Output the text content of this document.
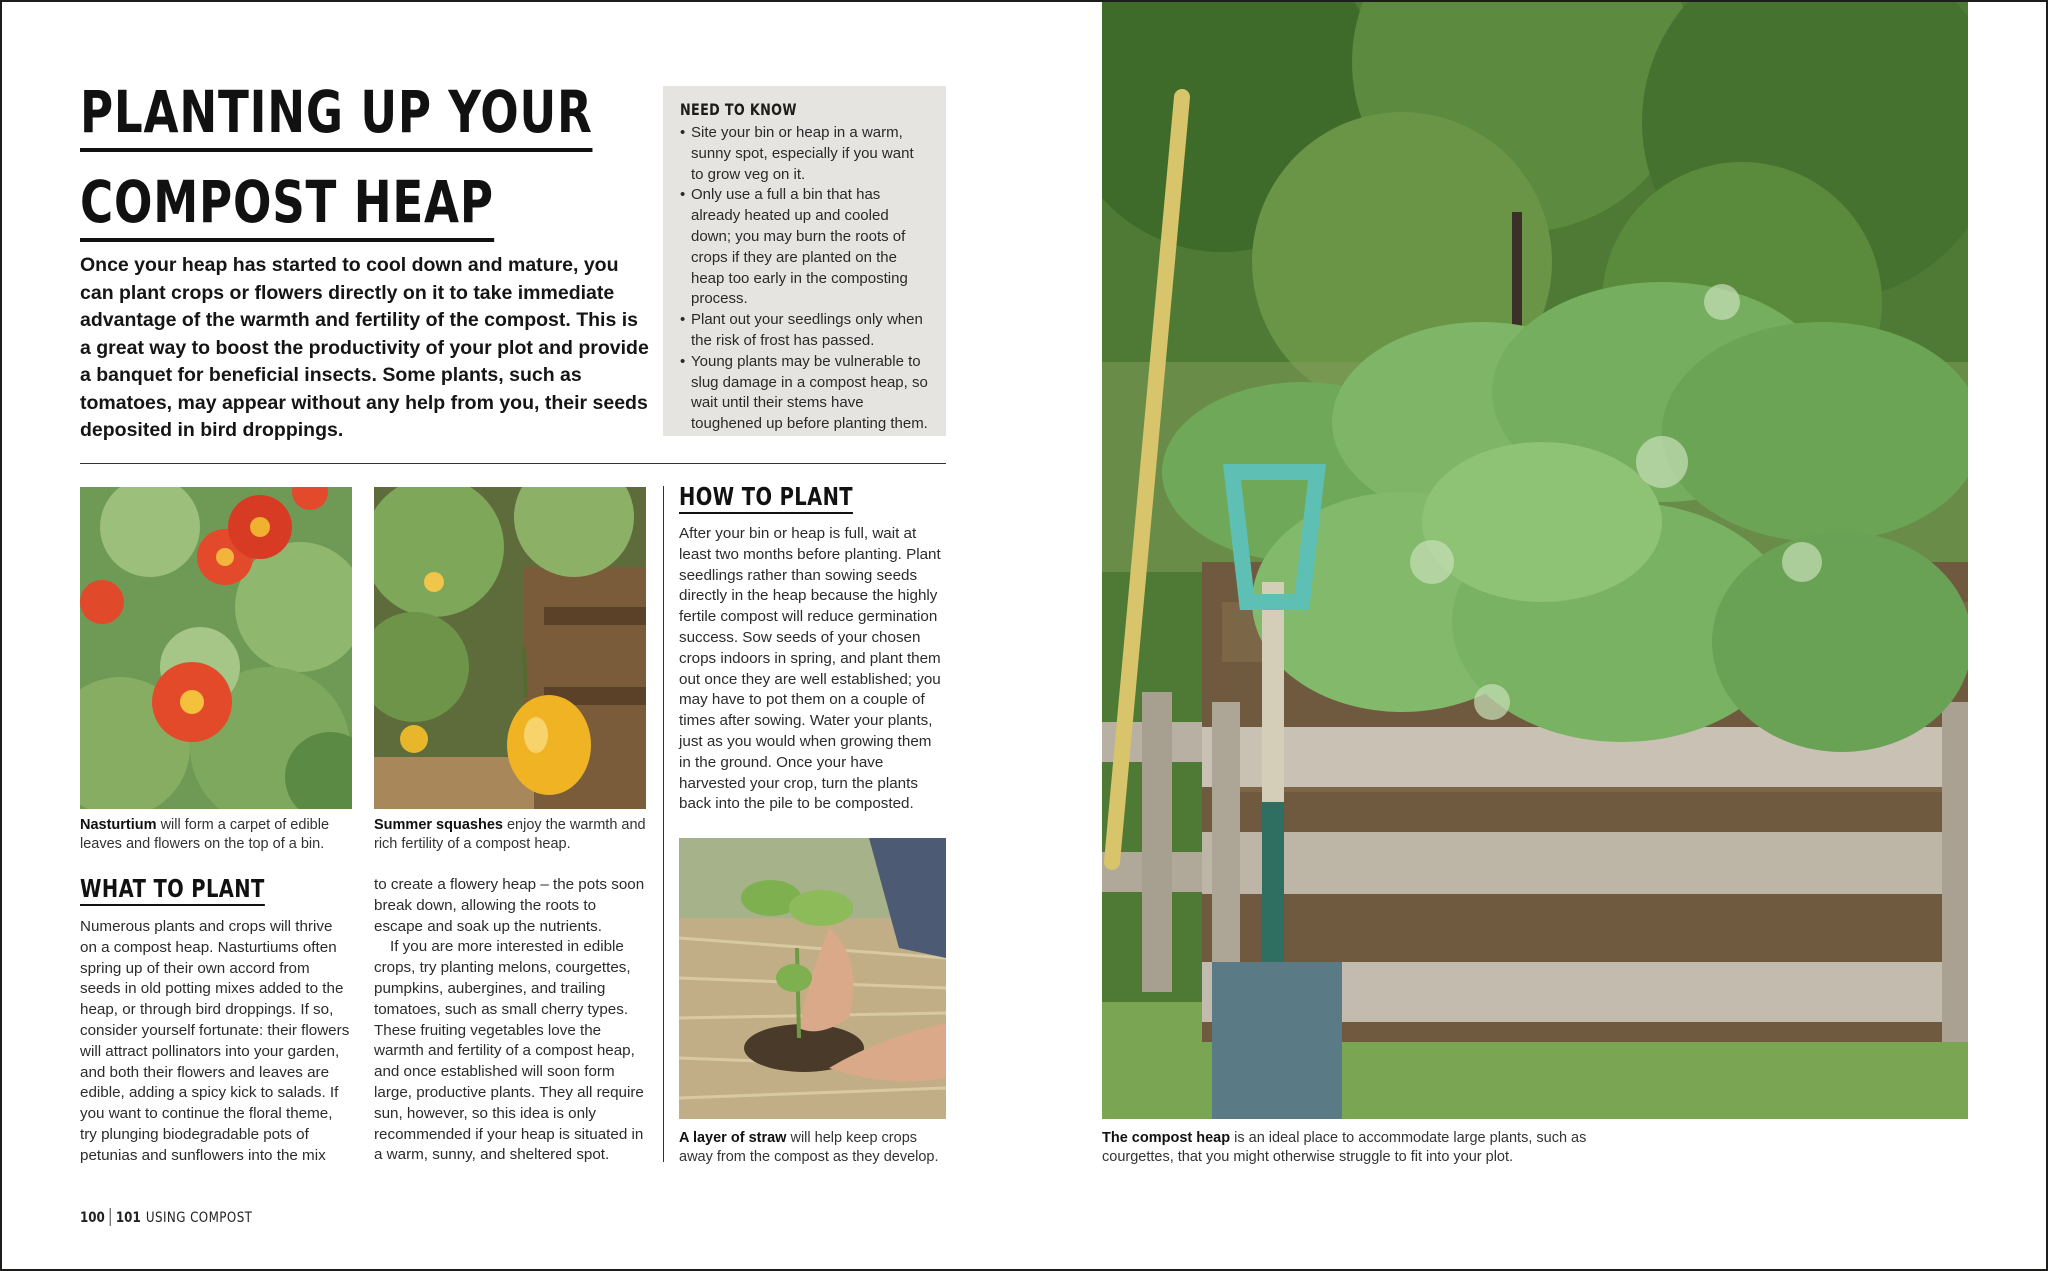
PLANTING UP YOUR
COMPOST HEAP

Once your heap has started to cool down and mature, you can plant crops or flowers directly on it to take immediate advantage of the warmth and fertility of the compost. This is a great way to boost the productivity of your plot and provide a banquet for beneficial insects. Some plants, such as tomatoes, may appear without any help from you, their seeds deposited in bird droppings.

NEED TO KNOW
• Site your bin or heap in a warm, sunny spot, especially if you want to grow veg on it.
• Only use a full a bin that has already heated up and cooled down; you may burn the roots of crops if they are planted on the heap too early in the composting process.
• Plant out your seedlings only when the risk of frost has passed.
• Young plants may be vulnerable to slug damage in a compost heap, so wait until their stems have toughened up before planting them.

Nasturtium will form a carpet of edible leaves and flowers on the top of a bin.

Summer squashes enjoy the warmth and rich fertility of a compost heap.

HOW TO PLANT

After your bin or heap is full, wait at least two months before planting. Plant seedlings rather than sowing seeds directly in the heap because the highly fertile compost will reduce germination success. Sow seeds of your chosen crops indoors in spring, and plant them out once they are well established; you may have to pot them on a couple of times after sowing. Water your plants, just as you would when growing them in the ground. Once your have harvested your crop, turn the plants back into the pile to be composted.

A layer of straw will help keep crops away from the compost as they develop.

WHAT TO PLANT

Numerous plants and crops will thrive on a compost heap. Nasturtiums often spring up of their own accord from seeds in old potting mixes added to the heap, or through bird droppings. If so, consider yourself fortunate: their flowers will attract pollinators into your garden, and both their flowers and leaves are edible, adding a spicy kick to salads. If you want to continue the floral theme, try plunging biodegradable pots of petunias and sunflowers into the mix

to create a flowery heap – the pots soon break down, allowing the roots to escape and soak up the nutrients.

If you are more interested in edible crops, try planting melons, courgettes, pumpkins, aubergines, and trailing tomatoes, such as small cherry types. These fruiting vegetables love the warmth and fertility of a compost heap, and once established will soon form large, productive plants. They all require sun, however, so this idea is only recommended if your heap is situated in a warm, sunny, and sheltered spot.

The compost heap is an ideal place to accommodate large plants, such as courgettes, that you might otherwise struggle to fit into your plot.

100 101 USING COMPOST
